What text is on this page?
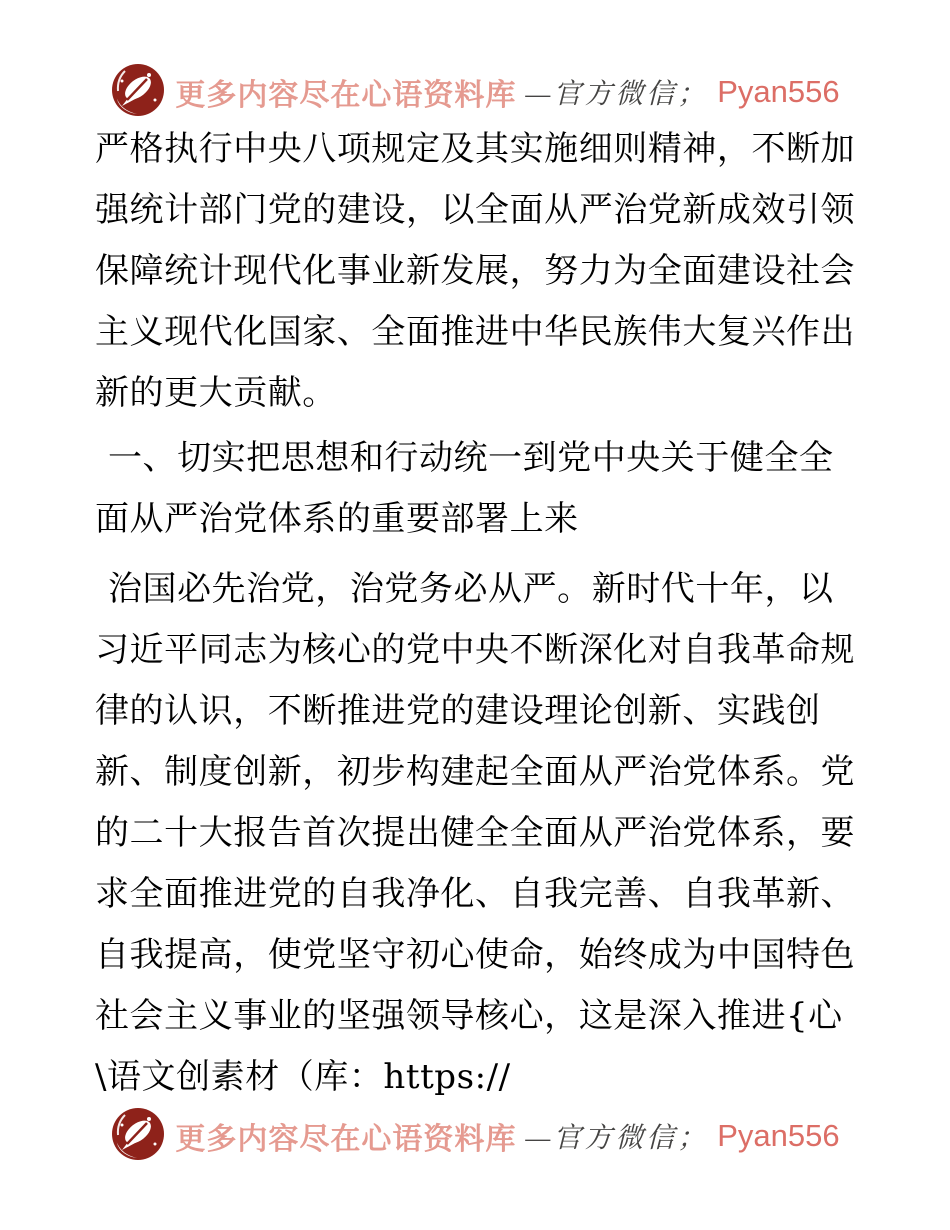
更多内容尽在心语资料库 —官方微信； Pyan556
严格执行中央八项规定及其实施细则精神，不断加
强统计部门党的建设，以全面从严治党新成效引领
保障统计现代化事业新发展，努力为全面建设社会
主义现代化国家、全面推进中华民族伟大复兴作出
新的更大贡献。
一、切实把思想和行动统一到党中央关于健全全
面从严治党体系的重要部署上来
治国必先治党，治党务必从严。新时代十年，以
习近平同志为核心的党中央不断深化对自我革命规
律的认识，不断推进党的建设理论创新、实践创
新、制度创新，初步构建起全面从严治党体系。党
的二十大报告首次提出健全全面从严治党体系，要
求全面推进党的自我净化、自我完善、自我革新、
自我提高，使党坚守初心使命，始终成为中国特色
社会主义事业的坚强领导核心，这是深入推进{心
\语文创素材（库：https://
更多内容尽在心语资料库 —官方微信； Pyan556
